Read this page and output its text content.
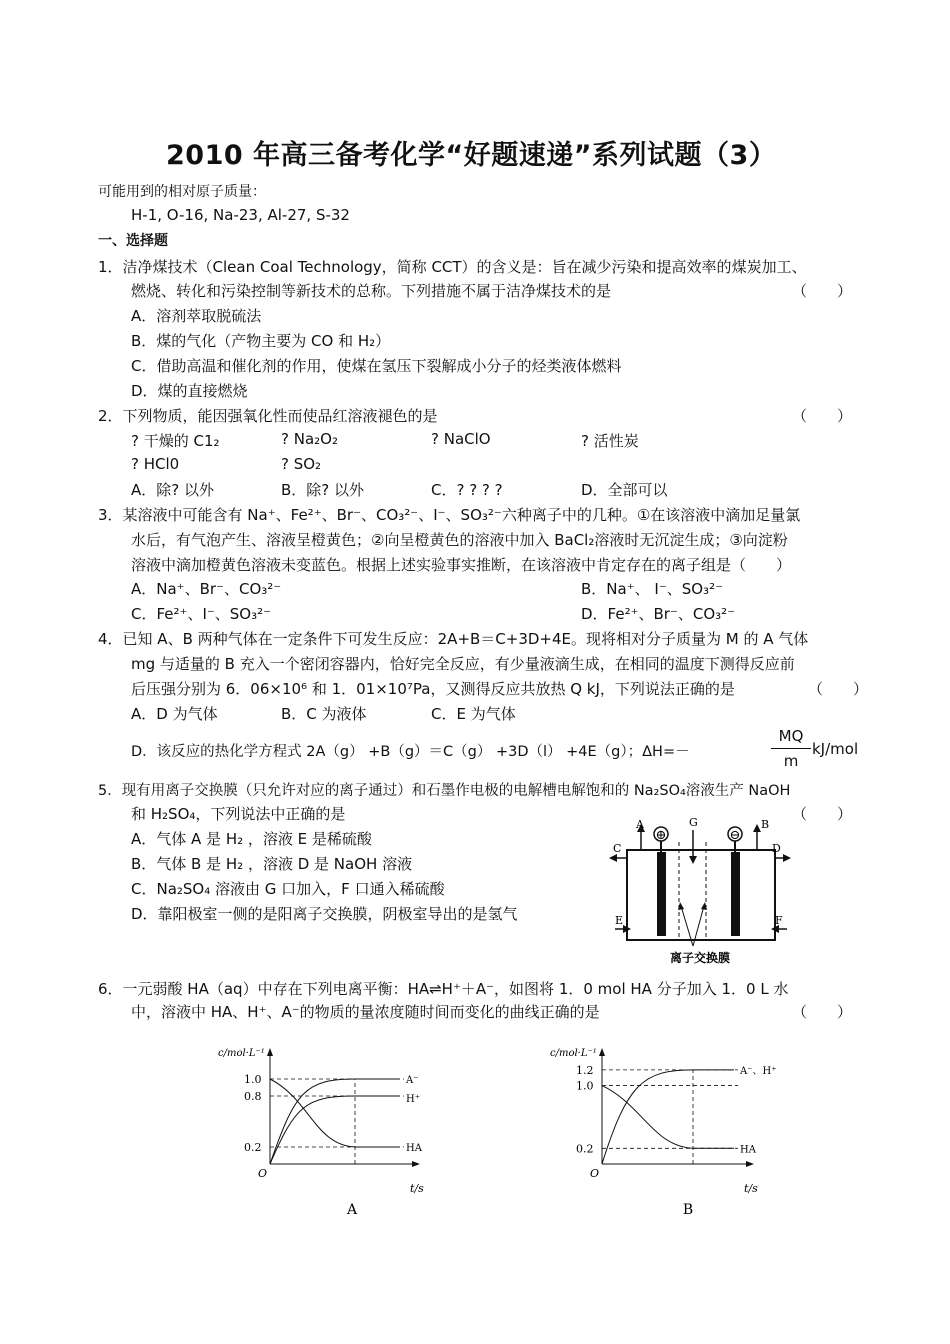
2010 年高三备考化学“好题速递”系列试题（3）
可能用到的相对原子质量：
H-1, O-16, Na-23, Al-27, S-32
一、选择题
1．洁净煤技术（Clean Coal Technology，简称 CCT）的含义是：旨在减少污染和提高效率的煤炭加工、
燃烧、转化和污染控制等新技术的总称。下列措施不属于洁净煤技术的是	（　　）
A．溶剂萃取脱硫法
B．煤的气化（产物主要为 CO 和 H₂）
C．借助高温和催化剂的作用，使煤在氢压下裂解成小分子的烃类液体燃料
D．煤的直接燃烧
2．下列物质，能因强氧化性而使品红溶液褪色的是	（　　）
? 干燥的 C1₂	? Na₂O₂	? NaClO	? 活性炭
? HCl0	? SO₂
A．除? 以外	B．除? 以外	C．? ? ? ?	D．全部可以
3．某溶液中可能含有 Na⁺、Fe²⁺、Br⁻、CO₃²⁻、I⁻、SO₃²⁻六种离子中的几种。①在该溶液中滴加足量氯
水后，有气泡产生、溶液呈橙黄色；②向呈橙黄色的溶液中加入 BaCl₂溶液时无沉淀生成；③向淀粉
溶液中滴加橙黄色溶液未变蓝色。根据上述实验事实推断，在该溶液中肯定存在的离子组是（　　）
A．Na⁺、Br⁻、CO₃²⁻	B．Na⁺、 I⁻、SO₃²⁻
C．Fe²⁺、I⁻、SO₃²⁻	D．Fe²⁺、Br⁻、CO₃²⁻
4．已知 A、B 两种气体在一定条件下可发生反应：2A+B＝C+3D+4E。现将相对分子质量为 M 的 A 气体
mg 与适量的 B 充入一个密闭容器内，恰好完全反应，有少量液滴生成，在相同的温度下测得反应前
后压强分别为 6．06×10⁶ 和 1．01×10⁷Pa，又测得反应共放热 Q kJ，下列说法正确的是	（　　）
A．D 为气体	B．C 为液体	C．E 为气体
D．该反应的热化学方程式 2A（g） +B（g）＝C（g） +3D（l） +4E（g）；ΔH=－
MQ
m
kJ/mol
5．现有用离子交换膜（只允许对应的离子通过）和石墨作电极的电解槽电解饱和的 Na₂SO₄溶液生产 NaOH
和 H₂SO₄，下列说法中正确的是	（　　）
A．气体 A 是 H₂ ，溶液 E 是稀硫酸
B．气体 B 是 H₂ ，溶液 D 是 NaOH 溶液
C．Na₂SO₄ 溶液由 G 口加入，F 口通入稀硫酸
D．靠阳极室一侧的是阳离子交换膜，阴极室导出的是氢气
⊕	⊖
A	B
G
C	D
E	F
离子交换膜
6．一元弱酸 HA（aq）中存在下列电离平衡：HA⇌H⁺＋A⁻，如图将 1．0 mol HA 分子加入 1．0 L 水
中，溶液中 HA、H⁺、A⁻的物质的量浓度随时间而变化的曲线正确的是	（　　）
c/mol·L⁻¹
t/s
O
1.0
0.8
0.2
A⁻
H⁺
HA
A
c/mol·L⁻¹
t/s
O
1.2
1.0
0.2
A⁻、H⁺
HA
B
